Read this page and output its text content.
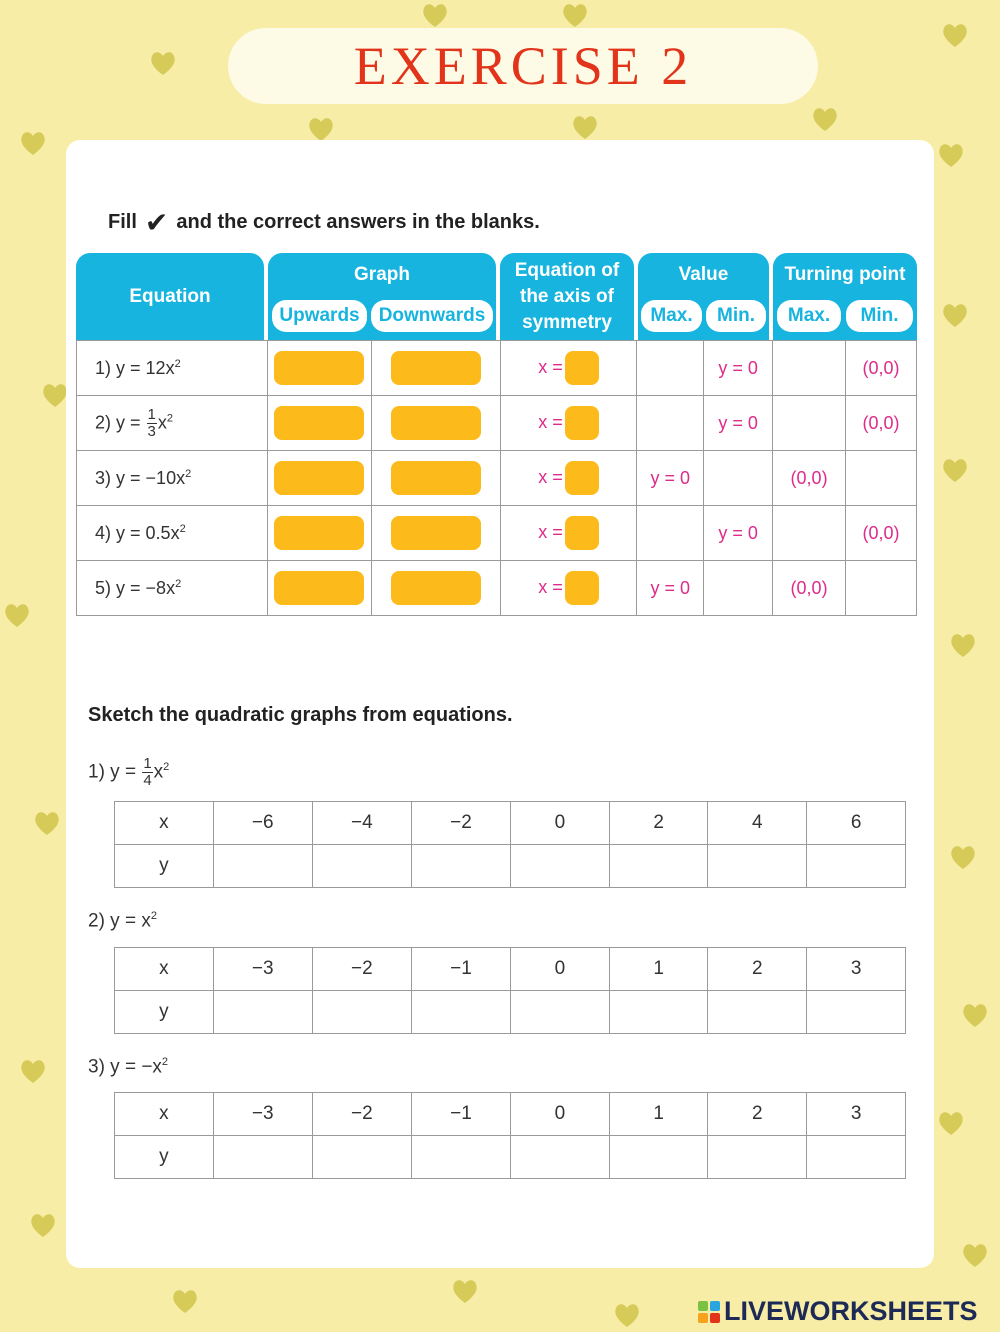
EXERCISE 2
Fill ✔ and the correct answers in the blanks.
Equation
Graph
Upwards	Downwards
Equation of
the axis of
symmetry
Value
Max.	Min.
Turning point
Max.	Min.
1) $y = 12x^2$			x =		y = 0		(0,0)
2) $y = \frac{1}{3} x^2$			x =		y = 0		(0,0)
3) $y = -10x^2$			x =	y = 0		(0,0)	
4) $y = 0.5x^2$			x =		y = 0		(0,0)
5) $y = -8x^2$			x =	y = 0		(0,0)	
Sketch the quadratic graphs from equations.
1) $y = \frac{1}{4} x^2$
x	−6	−4	−2	0	2	4	6
y							
2) $y = x^2$
x	−3	−2	−1	0	1	2	3
y							
3) $y = -x^2$
x	−3	−2	−1	0	1	2	3
y							
LIVEWORKSHEETS
